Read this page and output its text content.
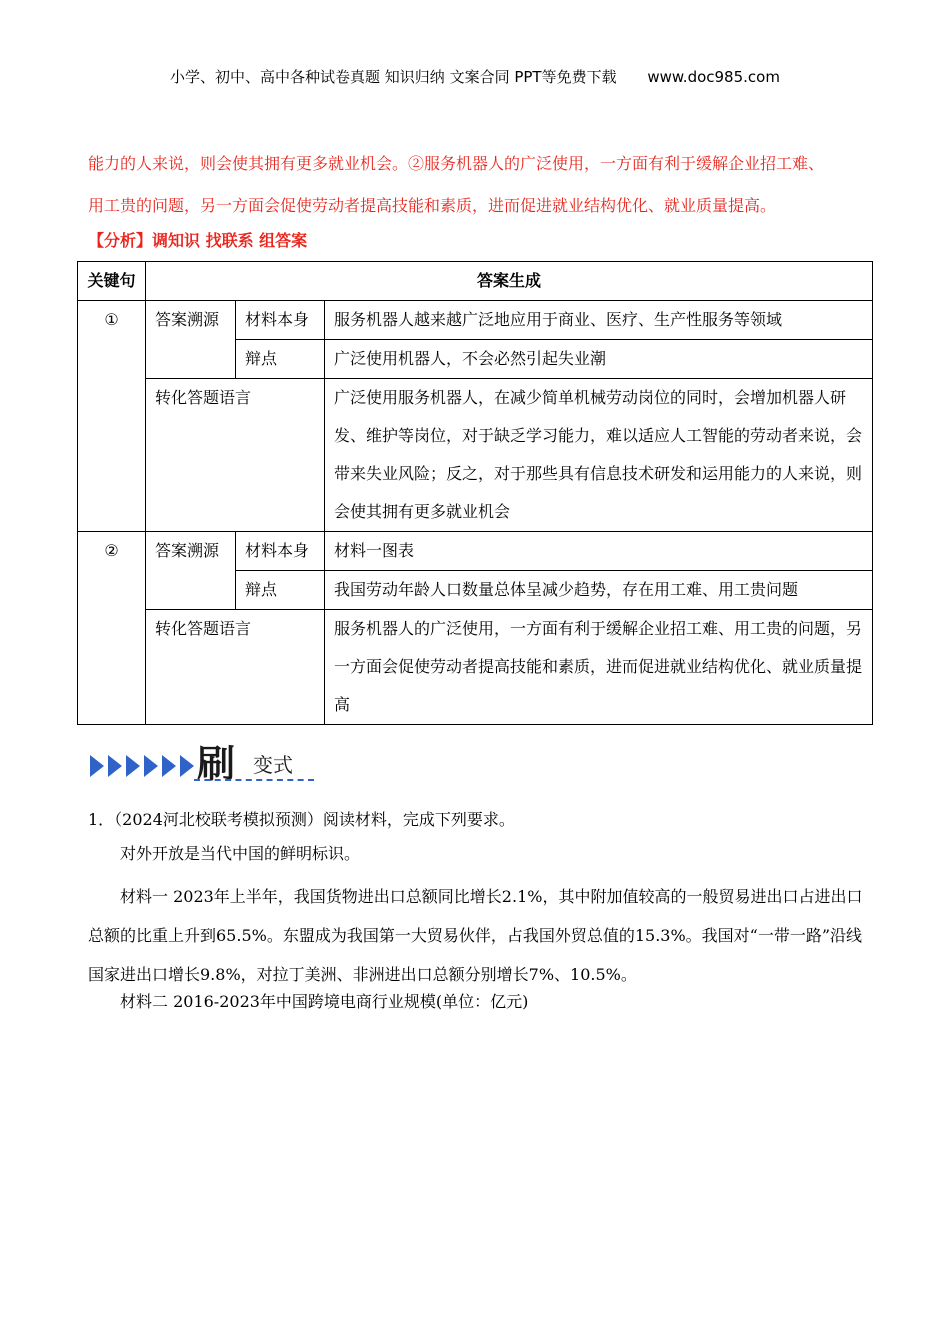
小学、初中、高中各种试卷真题 知识归纳 文案合同 PPT等免费下载 www.doc985.com
能力的人来说，则会使其拥有更多就业机会。②服务机器人的广泛使用，一方面有利于缓解企业招工难、
用工贵的问题，另一方面会促使劳动者提高技能和素质，进而促进就业结构优化、就业质量提高。
【分析】调知识 找联系 组答案
关键句	答案生成		
①	答案溯源	材料本身	服务机器人越来越广泛地应用于商业、医疗、生产性服务等领域
		辩点	广泛使用机器人，不会必然引起失业潮
	转化答题语言		广泛使用服务机器人，在减少简单机械劳动岗位的同时，会增加机器人研发、维护等岗位，对于缺乏学习能力，难以适应人工智能的劳动者来说，会带来失业风险；反之，对于那些具有信息技术研发和运用能力的人来说，则会使其拥有更多就业机会
②	答案溯源	材料本身	材料一图表
		辩点	我国劳动年龄人口数量总体呈减少趋势，存在用工难、用工贵问题
	转化答题语言		服务机器人的广泛使用，一方面有利于缓解企业招工难、用工贵的问题，另一方面会促使劳动者提高技能和素质，进而促进就业结构优化、就业质量提高
刷 变式
1．（2024河北校联考模拟预测）阅读材料，完成下列要求。
对外开放是当代中国的鲜明标识。
材料一 2023年上半年，我国货物进出口总额同比增长2.1%，其中附加值较高的一般贸易进出口占进出口总额的比重上升到65.5%。东盟成为我国第一大贸易伙伴，占我国外贸总值的15.3%。我国对“一带一路”沿线国家进出口增长9.8%，对拉丁美洲、非洲进出口总额分别增长7%、10.5%。
材料二 2016-2023年中国跨境电商行业规模(单位：亿元)
